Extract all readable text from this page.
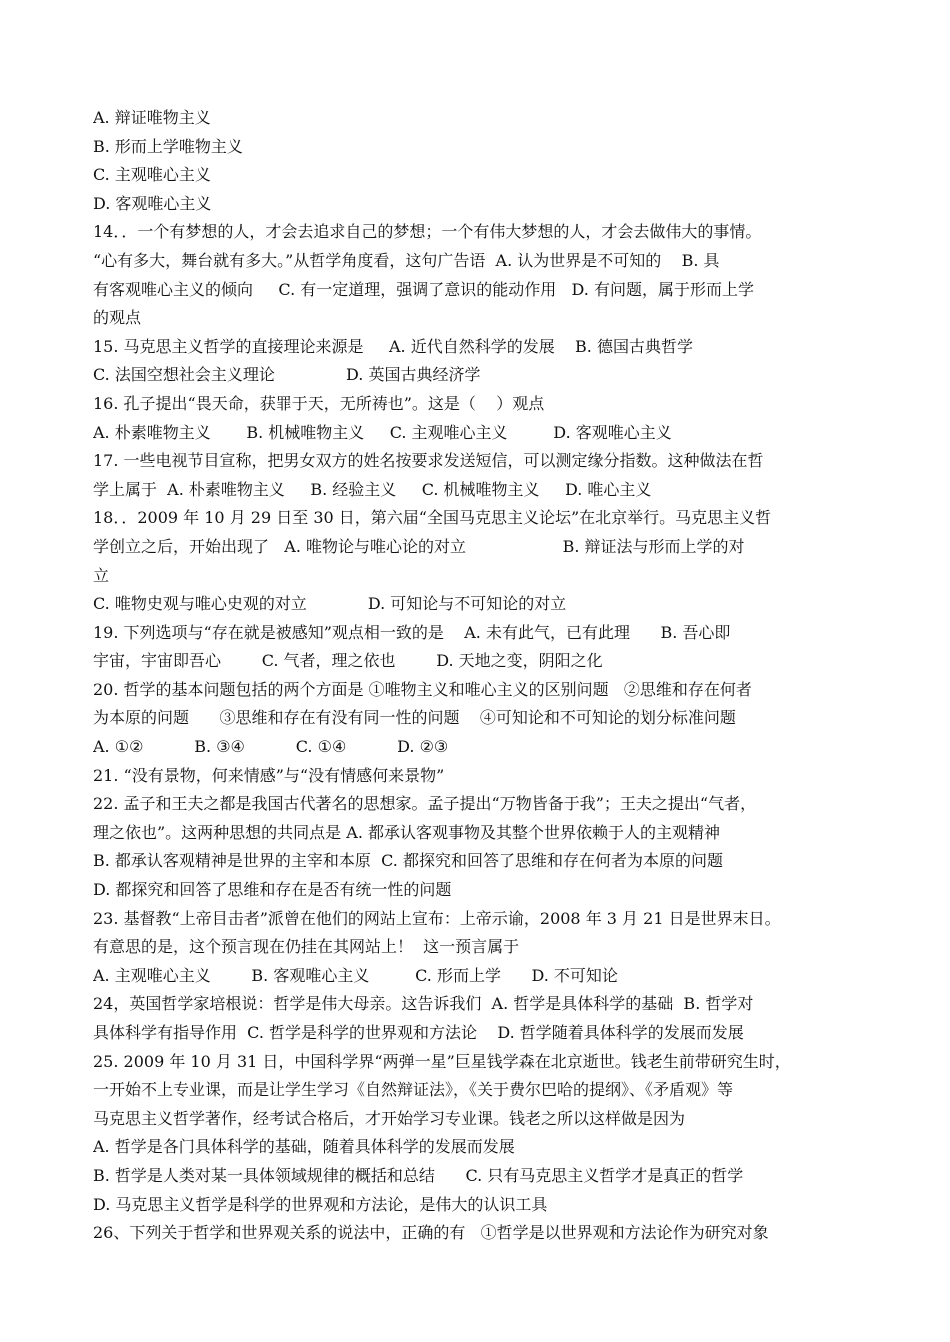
A. 辩证唯物主义
B. 形而上学唯物主义
C. 主观唯心主义
D. 客观唯心主义
14．．一个有梦想的人，才会去追求自己的梦想；一个有伟大梦想的人，才会去做伟大的事情。
“心有多大，舞台就有多大。”从哲学角度看，这句广告语  A. 认为世界是不可知的    B. 具
有客观唯心主义的倾向     C. 有一定道理，强调了意识的能动作用   D. 有问题，属于形而上学
的观点
15. 马克思主义哲学的直接理论来源是     A. 近代自然科学的发展    B. 德国古典哲学
C. 法国空想社会主义理论              D. 英国古典经济学
16. 孔子提出“畏天命，获罪于天，无所祷也”。这是（    ）观点
A. 朴素唯物主义       B. 机械唯物主义     C. 主观唯心主义         D. 客观唯心主义
17. 一些电视节目宣称，把男女双方的姓名按要求发送短信，可以测定缘分指数。这种做法在哲
学上属于  A. 朴素唯物主义     B. 经验主义     C. 机械唯物主义     D. 唯心主义
18．．2009 年 10 月 29 日至 30 日，第六届“全国马克思主义论坛”在北京举行。马克思主义哲
学创立之后，开始出现了   A. 唯物论与唯心论的对立                   B. 辩证法与形而上学的对
立
C. 唯物史观与唯心史观的对立            D. 可知论与不可知论的对立
19. 下列选项与“存在就是被感知”观点相一致的是    A. 未有此气，已有此理      B. 吾心即
宇宙，宇宙即吾心        C. 气者，理之依也        D. 天地之变，阴阳之化
20. 哲学的基本问题包括的两个方面是 ①唯物主义和唯心主义的区别问题   ②思维和存在何者
为本原的问题      ③思维和存在有没有同一性的问题    ④可知论和不可知论的划分标准问题
A. ①②          B. ③④          C. ①④          D. ②③
21. “没有景物，何来情感”与“没有情感何来景物”
22. 孟子和王夫之都是我国古代著名的思想家。孟子提出“万物皆备于我”；王夫之提出“气者，
理之依也”。这两种思想的共同点是 A. 都承认客观事物及其整个世界依赖于人的主观精神
B. 都承认客观精神是世界的主宰和本原  C. 都探究和回答了思维和存在何者为本原的问题
D. 都探究和回答了思维和存在是否有统一性的问题
23. 基督教“上帝目击者”派曾在他们的网站上宣布：上帝示谕，2008 年 3 月 21 日是世界末日。
有意思的是，这个预言现在仍挂在其网站上！  这一预言属于
A. 主观唯心主义        B. 客观唯心主义         C. 形而上学      D. 不可知论
24，英国哲学家培根说：哲学是伟大母亲。这告诉我们  A. 哲学是具体科学的基础  B. 哲学对
具体科学有指导作用  C. 哲学是科学的世界观和方法论    D. 哲学随着具体科学的发展而发展
25. 2009 年 10 月 31 日，中国科学界“两弹一星”巨星钱学森在北京逝世。钱老生前带研究生时，
一开始不上专业课，而是让学生学习《自然辩证法》，《关于费尔巴哈的提纲》、《矛盾观》等
马克思主义哲学著作，经考试合格后，才开始学习专业课。钱老之所以这样做是因为
A. 哲学是各门具体科学的基础，随着具体科学的发展而发展
B. 哲学是人类对某一具体领域规律的概括和总结      C. 只有马克思主义哲学才是真正的哲学
D. 马克思主义哲学是科学的世界观和方法论，是伟大的认识工具
26、下列关于哲学和世界观关系的说法中，正确的有   ①哲学是以世界观和方法论作为研究对象
